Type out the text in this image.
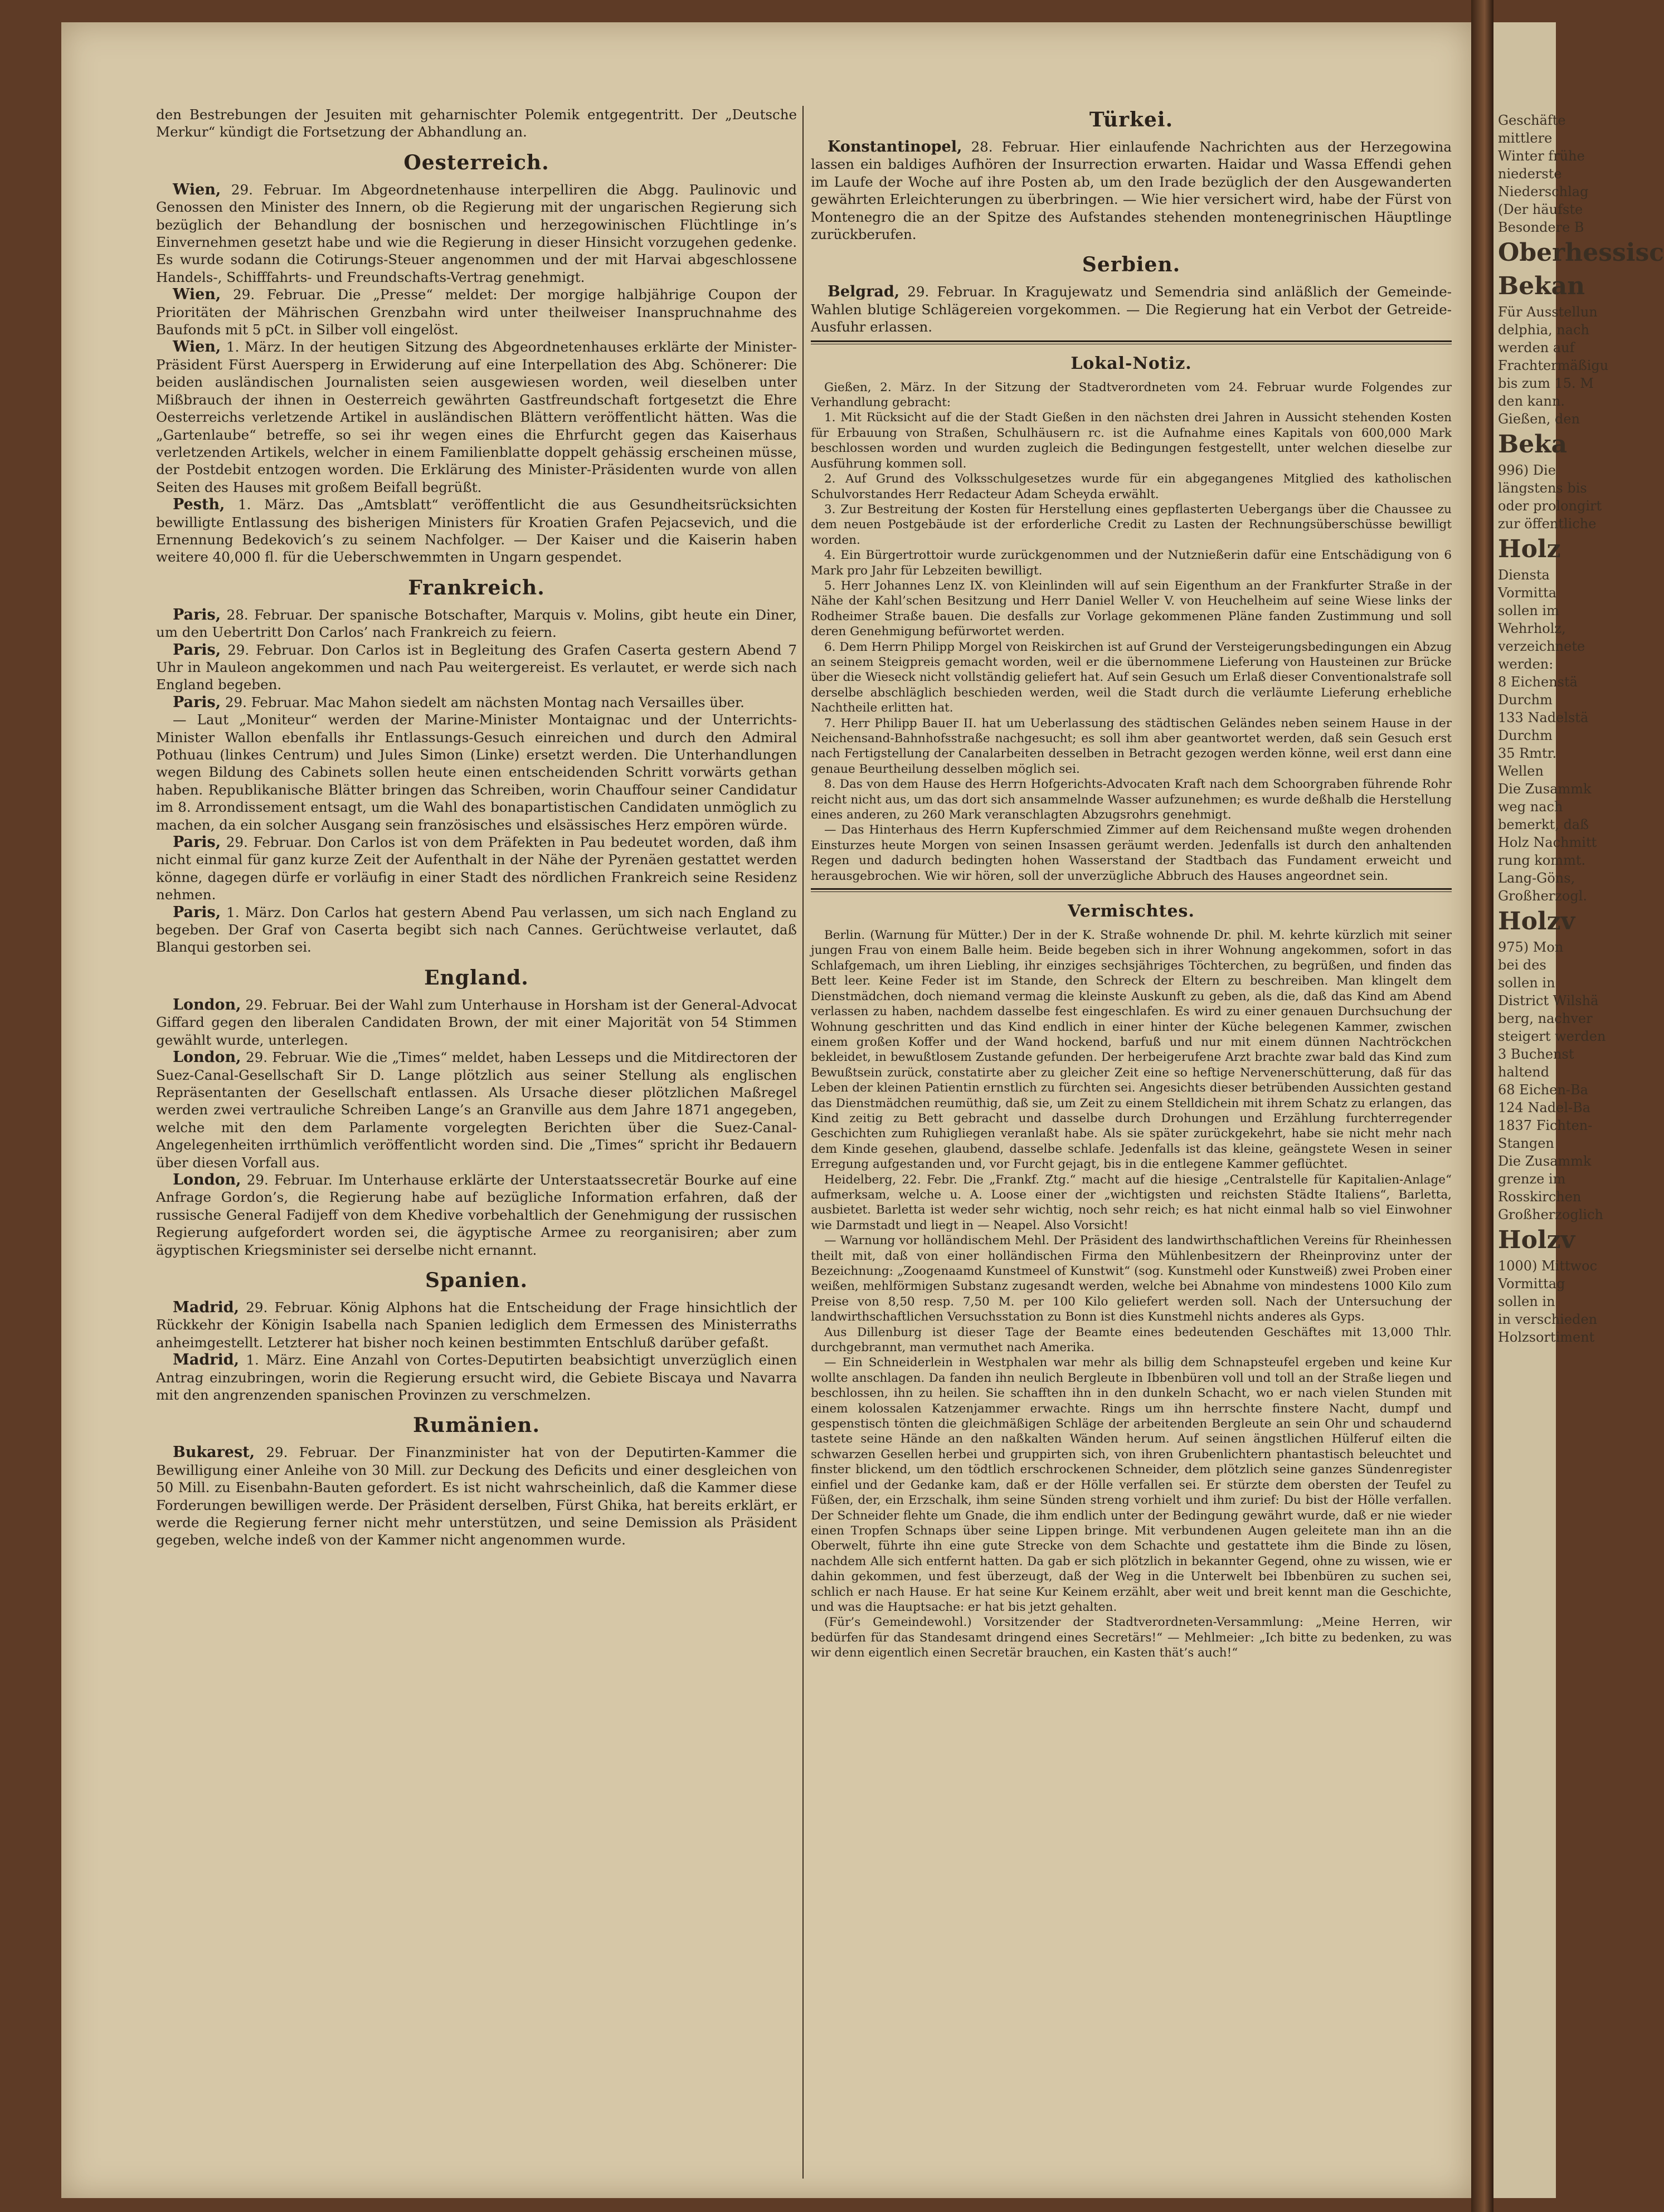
den Bestrebungen der Jesuiten mit geharnischter Polemik entgegentritt. Der „Deutsche Merkur“ kündigt die Fortsetzung der Abhandlung an.

Oesterreich.

Wien, 29. Februar. Im Abgeordnetenhause interpelliren die Abgg. Paulinovic und Genossen den Minister des Innern, ob die Regierung mit der ungarischen Regierung sich bezüglich der Behandlung der bosnischen und herzegowinischen Flüchtlinge in’s Einvernehmen gesetzt habe und wie die Regierung in dieser Hinsicht vorzugehen gedenke. Es wurde sodann die Cotirungs-Steuer angenommen und der mit Harvai abgeschlossene Handels-, Schifffahrts- und Freundschafts-Vertrag genehmigt.

Wien, 29. Februar. Die „Presse“ meldet: Der morgige halbjährige Coupon der Prioritäten der Mährischen Grenzbahn wird unter theilweiser Inanspruchnahme des Baufonds mit 5 pCt. in Silber voll eingelöst.

Wien, 1. März. In der heutigen Sitzung des Abgeordnetenhauses erklärte der Minister-Präsident Fürst Auersperg in Erwiderung auf eine Interpellation des Abg. Schönerer: Die beiden ausländischen Journalisten seien ausgewiesen worden, weil dieselben unter Mißbrauch der ihnen in Oesterreich gewährten Gastfreundschaft fortgesetzt die Ehre Oesterreichs verletzende Artikel in ausländischen Blättern veröffentlicht hätten. Was die „Gartenlaube“ betreffe, so sei ihr wegen eines die Ehrfurcht gegen das Kaiserhaus verletzenden Artikels, welcher in einem Familienblatte doppelt gehässig erscheinen müsse, der Postdebit entzogen worden. Die Erklärung des Minister-Präsidenten wurde von allen Seiten des Hauses mit großem Beifall begrüßt.

Pesth, 1. März. Das „Amtsblatt“ veröffentlicht die aus Gesundheitsrücksichten bewilligte Entlassung des bisherigen Ministers für Kroatien Grafen Pejacsevich, und die Ernennung Bedekovich’s zu seinem Nachfolger. — Der Kaiser und die Kaiserin haben weitere 40,000 fl. für die Ueberschwemmten in Ungarn gespendet.

Frankreich.

Paris, 28. Februar. Der spanische Botschafter, Marquis v. Molins, gibt heute ein Diner, um den Uebertritt Don Carlos’ nach Frankreich zu feiern.

Paris, 29. Februar. Don Carlos ist in Begleitung des Grafen Caserta gestern Abend 7 Uhr in Mauleon angekommen und nach Pau weitergereist. Es verlautet, er werde sich nach England begeben.

Paris, 29. Februar. Mac Mahon siedelt am nächsten Montag nach Versailles über.

— Laut „Moniteur“ werden der Marine-Minister Montaignac und der Unterrichts-Minister Wallon ebenfalls ihr Entlassungs-Gesuch einreichen und durch den Admiral Pothuau (linkes Centrum) und Jules Simon (Linke) ersetzt werden. Die Unterhandlungen wegen Bildung des Cabinets sollen heute einen entscheidenden Schritt vorwärts gethan haben. Republikanische Blätter bringen das Schreiben, worin Chauffour seiner Candidatur im 8. Arrondissement entsagt, um die Wahl des bonapartistischen Candidaten unmöglich zu machen, da ein solcher Ausgang sein französisches und elsässisches Herz empören würde.

Paris, 29. Februar. Don Carlos ist von dem Präfekten in Pau bedeutet worden, daß ihm nicht einmal für ganz kurze Zeit der Aufenthalt in der Nähe der Pyrenäen gestattet werden könne, dagegen dürfe er vorläufig in einer Stadt des nördlichen Frankreich seine Residenz nehmen.

Paris, 1. März. Don Carlos hat gestern Abend Pau verlassen, um sich nach England zu begeben. Der Graf von Caserta begibt sich nach Cannes. Gerüchtweise verlautet, daß Blanqui gestorben sei.

England.

London, 29. Februar. Bei der Wahl zum Unterhause in Horsham ist der General-Advocat Giffard gegen den liberalen Candidaten Brown, der mit einer Majorität von 54 Stimmen gewählt wurde, unterlegen.

London, 29. Februar. Wie die „Times“ meldet, haben Lesseps und die Mitdirectoren der Suez-Canal-Gesellschaft Sir D. Lange plötzlich aus seiner Stellung als englischen Repräsentanten der Gesellschaft entlassen. Als Ursache dieser plötzlichen Maßregel werden zwei vertrauliche Schreiben Lange’s an Granville aus dem Jahre 1871 angegeben, welche mit den dem Parlamente vorgelegten Berichten über die Suez-Canal-Angelegenheiten irrthümlich veröffentlicht worden sind. Die „Times“ spricht ihr Bedauern über diesen Vorfall aus.

London, 29. Februar. Im Unterhause erklärte der Unterstaatssecretär Bourke auf eine Anfrage Gordon’s, die Regierung habe auf bezügliche Information erfahren, daß der russische General Fadijeff von dem Khedive vorbehaltlich der Genehmigung der russischen Regierung aufgefordert worden sei, die ägyptische Armee zu reorganisiren; aber zum ägyptischen Kriegsminister sei derselbe nicht ernannt.

Spanien.

Madrid, 29. Februar. König Alphons hat die Entscheidung der Frage hinsichtlich der Rückkehr der Königin Isabella nach Spanien lediglich dem Ermessen des Ministerraths anheimgestellt. Letzterer hat bisher noch keinen bestimmten Entschluß darüber gefaßt.

Madrid, 1. März. Eine Anzahl von Cortes-Deputirten beabsichtigt unverzüglich einen Antrag einzubringen, worin die Regierung ersucht wird, die Gebiete Biscaya und Navarra mit den angrenzenden spanischen Provinzen zu verschmelzen.

Rumänien.

Bukarest, 29. Februar. Der Finanzminister hat von der Deputirten-Kammer die Bewilligung einer Anleihe von 30 Mill. zur Deckung des Deficits und einer desgleichen von 50 Mill. zu Eisenbahn-Bauten gefordert. Es ist nicht wahrscheinlich, daß die Kammer diese Forderungen bewilligen werde. Der Präsident derselben, Fürst Ghika, hat bereits erklärt, er werde die Regierung ferner nicht mehr unterstützen, und seine Demission als Präsident gegeben, welche indeß von der Kammer nicht angenommen wurde.

Türkei.

Konstantinopel, 28. Februar. Hier einlaufende Nachrichten aus der Herzegowina lassen ein baldiges Aufhören der Insurrection erwarten. Haidar und Wassa Effendi gehen im Laufe der Woche auf ihre Posten ab, um den Irade bezüglich der den Ausgewanderten gewährten Erleichterungen zu überbringen. — Wie hier versichert wird, habe der Fürst von Montenegro die an der Spitze des Aufstandes stehenden montenegrinischen Häuptlinge zurückberufen.

Serbien.

Belgrad, 29. Februar. In Kragujewatz und Semendria sind anläßlich der Gemeinde-Wahlen blutige Schlägereien vorgekommen. — Die Regierung hat ein Verbot der Getreide-Ausfuhr erlassen.

Lokal-Notiz.

Gießen, 2. März. In der Sitzung der Stadtverordneten vom 24. Februar wurde Folgendes zur Verhandlung gebracht:

1. Mit Rücksicht auf die der Stadt Gießen in den nächsten drei Jahren in Aussicht stehenden Kosten für Erbauung von Straßen, Schulhäusern rc. ist die Aufnahme eines Kapitals von 600,000 Mark beschlossen worden und wurden zugleich die Bedingungen festgestellt, unter welchen dieselbe zur Ausführung kommen soll.

2. Auf Grund des Volksschulgesetzes wurde für ein abgegangenes Mitglied des katholischen Schulvorstandes Herr Redacteur Adam Scheyda erwählt.

3. Zur Bestreitung der Kosten für Herstellung eines gepflasterten Uebergangs über die Chaussee zu dem neuen Postgebäude ist der erforderliche Credit zu Lasten der Rechnungsüberschüsse bewilligt worden.

4. Ein Bürgertrottoir wurde zurückgenommen und der Nutznießerin dafür eine Entschädigung von 6 Mark pro Jahr für Lebzeiten bewilligt.

5. Herr Johannes Lenz IX. von Kleinlinden will auf sein Eigenthum an der Frankfurter Straße in der Nähe der Kahl’schen Besitzung und Herr Daniel Weller V. von Heuchelheim auf seine Wiese links der Rodheimer Straße bauen. Die desfalls zur Vorlage gekommenen Pläne fanden Zustimmung und soll deren Genehmigung befürwortet werden.

6. Dem Herrn Philipp Morgel von Reiskirchen ist auf Grund der Versteigerungsbedingungen ein Abzug an seinem Steigpreis gemacht worden, weil er die übernommene Lieferung von Hausteinen zur Brücke über die Wieseck nicht vollständig geliefert hat. Auf sein Gesuch um Erlaß dieser Conventionalstrafe soll derselbe abschläglich beschieden werden, weil die Stadt durch die verläumte Lieferung erhebliche Nachtheile erlitten hat.

7. Herr Philipp Bauer II. hat um Ueberlassung des städtischen Geländes neben seinem Hause in der Neichensand-Bahnhofsstraße nachgesucht; es soll ihm aber geantwortet werden, daß sein Gesuch erst nach Fertigstellung der Canalarbeiten desselben in Betracht gezogen werden könne, weil erst dann eine genaue Beurtheilung desselben möglich sei.

8. Das von dem Hause des Herrn Hofgerichts-Advocaten Kraft nach dem Schoorgraben führende Rohr reicht nicht aus, um das dort sich ansammelnde Wasser aufzunehmen; es wurde deßhalb die Herstellung eines anderen, zu 260 Mark veranschlagten Abzugsrohrs genehmigt.

— Das Hinterhaus des Herrn Kupferschmied Zimmer auf dem Reichensand mußte wegen drohenden Einsturzes heute Morgen von seinen Insassen geräumt werden. Jedenfalls ist durch den anhaltenden Regen und dadurch bedingten hohen Wasserstand der Stadtbach das Fundament erweicht und herausgebrochen. Wie wir hören, soll der unverzügliche Abbruch des Hauses angeordnet sein.

Vermischtes.

Berlin. (Warnung für Mütter.) Der in der K. Straße wohnende Dr. phil. M. kehrte kürzlich mit seiner jungen Frau von einem Balle heim. Beide begeben sich in ihrer Wohnung angekommen, sofort in das Schlafgemach, um ihren Liebling, ihr einziges sechsjähriges Töchterchen, zu begrüßen, und finden das Bett leer. Keine Feder ist im Stande, den Schreck der Eltern zu beschreiben. Man klingelt dem Dienstmädchen, doch niemand vermag die kleinste Auskunft zu geben, als die, daß das Kind am Abend verlassen zu haben, nachdem dasselbe fest eingeschlafen. Es wird zu einer genauen Durchsuchung der Wohnung geschritten und das Kind endlich in einer hinter der Küche belegenen Kammer, zwischen einem großen Koffer und der Wand hockend, barfuß und nur mit einem dünnen Nachtröckchen bekleidet, in bewußtlosem Zustande gefunden. Der herbeigerufene Arzt brachte zwar bald das Kind zum Bewußtsein zurück, constatirte aber zu gleicher Zeit eine so heftige Nervenerschütterung, daß für das Leben der kleinen Patientin ernstlich zu fürchten sei. Angesichts dieser betrübenden Aussichten gestand das Dienstmädchen reumüthig, daß sie, um Zeit zu einem Stelldichein mit ihrem Schatz zu erlangen, das Kind zeitig zu Bett gebracht und dasselbe durch Drohungen und Erzählung furchterregender Geschichten zum Ruhigliegen veranlaßt habe. Als sie später zurückgekehrt, habe sie nicht mehr nach dem Kinde gesehen, glaubend, dasselbe schlafe. Jedenfalls ist das kleine, geängstete Wesen in seiner Erregung aufgestanden und, vor Furcht gejagt, bis in die entlegene Kammer geflüchtet.

Heidelberg, 22. Febr. Die „Frankf. Ztg.“ macht auf die hiesige „Centralstelle für Kapitalien-Anlage“ aufmerksam, welche u. A. Loose einer der „wichtigsten und reichsten Städte Italiens“, Barletta, ausbietet. Barletta ist weder sehr wichtig, noch sehr reich; es hat nicht einmal halb so viel Einwohner wie Darmstadt und liegt in — Neapel. Also Vorsicht!

— Warnung vor holländischem Mehl. Der Präsident des landwirthschaftlichen Vereins für Rheinhessen theilt mit, daß von einer holländischen Firma den Mühlenbesitzern der Rheinprovinz unter der Bezeichnung: „Zoogenaamd Kunstmeel of Kunstwit“ (sog. Kunstmehl oder Kunstweiß) zwei Proben einer weißen, mehlförmigen Substanz zugesandt werden, welche bei Abnahme von mindestens 1000 Kilo zum Preise von 8,50 resp. 7,50 M. per 100 Kilo geliefert werden soll. Nach der Untersuchung der landwirthschaftlichen Versuchsstation zu Bonn ist dies Kunstmehl nichts anderes als Gyps.

Aus Dillenburg ist dieser Tage der Beamte eines bedeutenden Geschäftes mit 13,000 Thlr. durchgebrannt, man vermuthet nach Amerika.

— Ein Schneiderlein in Westphalen war mehr als billig dem Schnapsteufel ergeben und keine Kur wollte anschlagen. Da fanden ihn neulich Bergleute in Ibbenbüren voll und toll an der Straße liegen und beschlossen, ihn zu heilen. Sie schafften ihn in den dunkeln Schacht, wo er nach vielen Stunden mit einem kolossalen Katzenjammer erwachte. Rings um ihn herrschte finstere Nacht, dumpf und gespenstisch tönten die gleichmäßigen Schläge der arbeitenden Bergleute an sein Ohr und schaudernd tastete seine Hände an den naßkalten Wänden herum. Auf seinen ängstlichen Hülferuf eilten die schwarzen Gesellen herbei und gruppirten sich, von ihren Grubenlichtern phantastisch beleuchtet und finster blickend, um den tödtlich erschrockenen Schneider, dem plötzlich seine ganzes Sündenregister einfiel und der Gedanke kam, daß er der Hölle verfallen sei. Er stürzte dem obersten der Teufel zu Füßen, der, ein Erzschalk, ihm seine Sünden streng vorhielt und ihm zurief: Du bist der Hölle verfallen. Der Schneider flehte um Gnade, die ihm endlich unter der Bedingung gewährt wurde, daß er nie wieder einen Tropfen Schnaps über seine Lippen bringe. Mit verbundenen Augen geleitete man ihn an die Oberwelt, führte ihn eine gute Strecke von dem Schachte und gestattete ihm die Binde zu lösen, nachdem Alle sich entfernt hatten. Da gab er sich plötzlich in bekannter Gegend, ohne zu wissen, wie er dahin gekommen, und fest überzeugt, daß der Weg in die Unterwelt bei Ibbenbüren zu suchen sei, schlich er nach Hause. Er hat seine Kur Keinem erzählt, aber weit und breit kennt man die Geschichte, und was die Hauptsache: er hat bis jetzt gehalten.

(Für’s Gemeindewohl.) Vorsitzender der Stadtverordneten-Versammlung: „Meine Herren, wir bedürfen für das Standesamt dringend eines Secretärs!“ — Mehlmeier: „Ich bitte zu bedenken, zu was wir denn eigentlich einen Secretär brauchen, ein Kasten thät’s auch!“

Geschäfte

mittlere

Winter frühe

niederste

Niederschlag

(Der häufste

Besondere B

Oberhessisc

Bekan

Für Ausstellun

delphia, nach

werden auf

Frachtermäßigu

bis zum 15. M

den kann.

Gießen, den

Beka

996) Die

längstens bis

oder prolongirt

zur öffentliche

Holz

Diensta

Vormitta

sollen im

Wehrholz,

verzeichnete

werden:

8 Eichenstä

Durchm

133 Nadelstä

Durchm

35 Rmtr.

Wellen

Die Zusammk

weg nach

bemerkt, daß

Holz Nachmitt

rung kommt.

Lang-Göns,

Großherzogl.

Holzv

975) Mon

bei des

sollen in

District Wilshä

berg, nachver

steigert werden

3 Buchenst

haltend

68 Eichen-Ba

124 Nadel-Ba

1837 Fichten-

Stangen

Die Zusammk

grenze im

Rosskirchen

Großherzoglich

Holzv

1000) Mittwoc

Vormittag

sollen in

in verschieden

Holzsortiment
